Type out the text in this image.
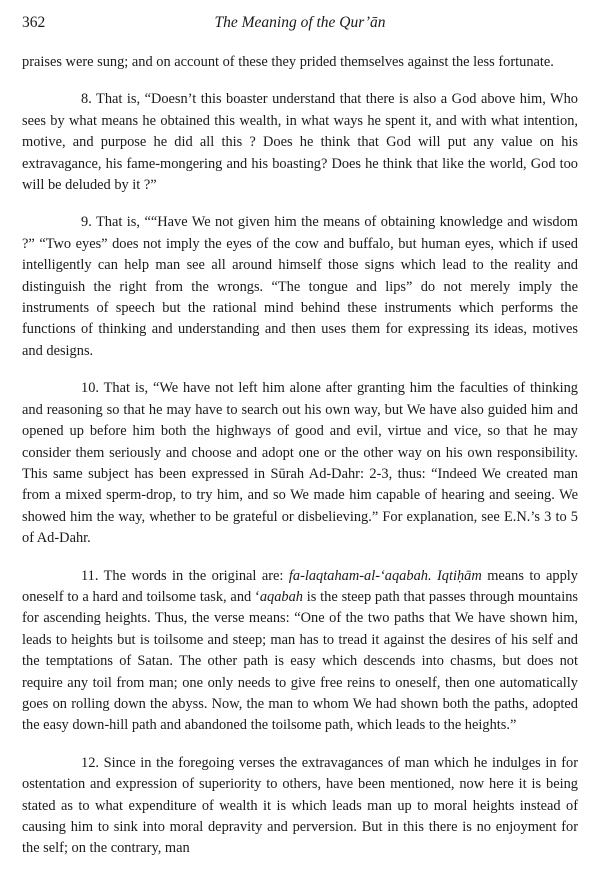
362	The Meaning of the Qur’ān

praises were sung; and on account of these they prided themselves against the less fortunate.

8. That is, “Doesn’t this boaster understand that there is also a God above him, Who sees by what means he obtained this wealth, in what ways he spent it, and with what intention, motive, and purpose he did all this ? Does he think that God will put any value on his extravagance, his fame-mongering and his boasting? Does he think that like the world, God too will be deluded by it ?”

9. That is, ““Have We not given him the means of obtaining knowledge and wisdom ?” “Two eyes” does not imply the eyes of the cow and buffalo, but human eyes, which if used intelligently can help man see all around himself those signs which lead to the reality and distinguish the right from the wrongs. “The tongue and lips” do not merely imply the instruments of speech but the rational mind behind these instruments which performs the functions of thinking and understanding and then uses them for expressing its ideas, motives and designs.

10. That is, “We have not left him alone after granting him the faculties of thinking and reasoning so that he may have to search out his own way, but We have also guided him and opened up before him both the highways of good and evil, virtue and vice, so that he may consider them seriously and choose and adopt one or the other way on his own responsibility. This same subject has been expressed in Sūrah Ad-Dahr: 2-3, thus: “Indeed We created man from a mixed sperm-drop, to try him, and so We made him capable of hearing and seeing. We showed him the way, whether to be grateful or disbelieving.” For explanation, see E.N.’s 3 to 5 of Ad-Dahr.

11. The words in the original are: fa-laqtaham-al-‘aqabah. Iqtiḥām means to apply oneself to a hard and toilsome task, and ‘aqabah is the steep path that passes through mountains for ascending heights. Thus, the verse means: “One of the two paths that We have shown him, leads to heights but is toilsome and steep; man has to tread it against the desires of his self and the temptations of Satan. The other path is easy which descends into chasms, but does not require any toil from man; one only needs to give free reins to oneself, then one automatically goes on rolling down the abyss. Now, the man to whom We had shown both the paths, adopted the easy down-hill path and abandoned the toilsome path, which leads to the heights.”

12. Since in the foregoing verses the extravagances of man which he indulges in for ostentation and expression of superiority to others, have been mentioned, now here it is being stated as to what expenditure of wealth it is which leads man up to moral heights instead of causing him to sink into moral depravity and perversion. But in this there is no enjoyment for the self; on the contrary, man
